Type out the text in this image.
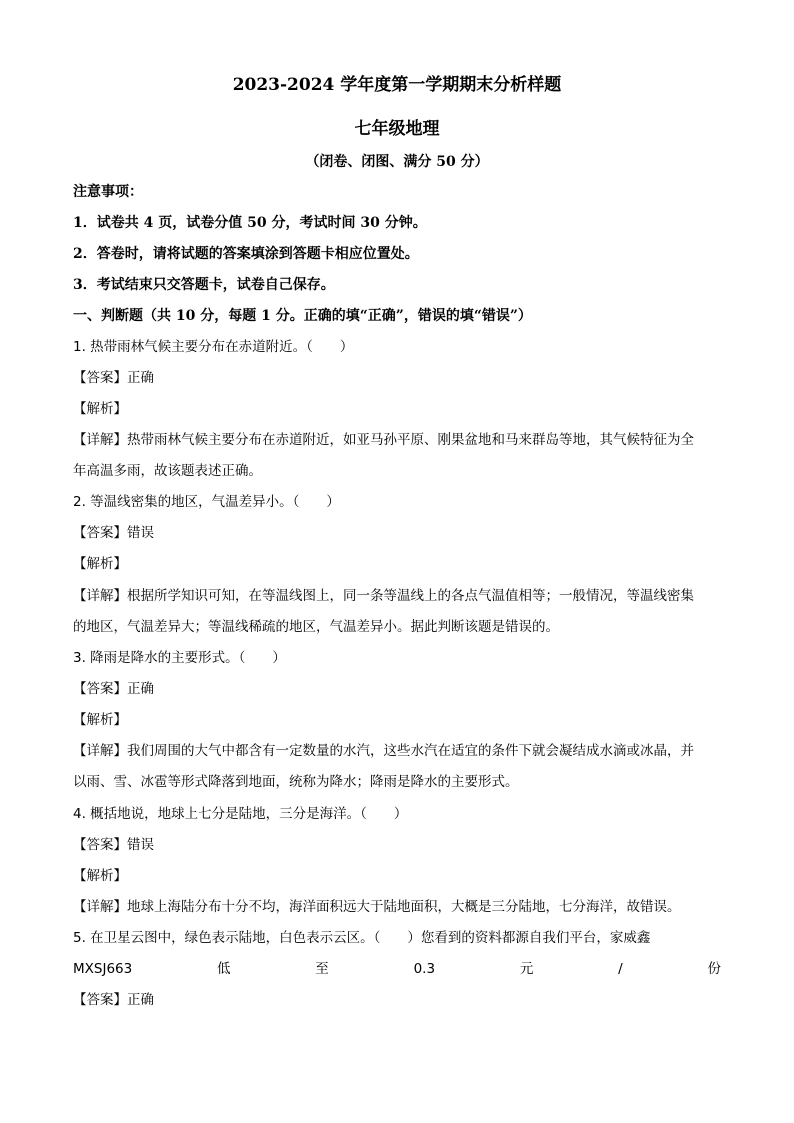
2023-2024 学年度第一学期期末分析样题
七年级地理
（闭卷、闭图、满分 50 分）
注意事项：
1．试卷共 4 页，试卷分值 50 分，考试时间 30 分钟。
2．答卷时，请将试题的答案填涂到答题卡相应位置处。
3．考试结束只交答题卡，试卷自己保存。
一、判断题（共 10 分，每题 1 分。正确的填“正确”，错误的填“错误”）
1. 热带雨林气候主要分布在赤道附近。（　　）
【答案】正确
【解析】
【详解】热带雨林气候主要分布在赤道附近，如亚马孙平原、刚果盆地和马来群岛等地，其气候特征为全
年高温多雨，故该题表述正确。
2. 等温线密集的地区，气温差异小。（　　）
【答案】错误
【解析】
【详解】根据所学知识可知，在等温线图上，同一条等温线上的各点气温值相等；一般情况，等温线密集
的地区，气温差异大；等温线稀疏的地区，气温差异小。据此判断该题是错误的。
3. 降雨是降水的主要形式。（　　）
【答案】正确
【解析】
【详解】我们周围的大气中都含有一定数量的水汽，这些水汽在适宜的条件下就会凝结成水滴或冰晶，并
以雨、雪、冰雹等形式降落到地面，统称为降水；降雨是降水的主要形式。
4. 概括地说，地球上七分是陆地，三分是海洋。（　　）
【答案】错误
【解析】
【详解】地球上海陆分布十分不均，海洋面积远大于陆地面积，大概是三分陆地，七分海洋，故错误。
5. 在卫星云图中，绿色表示陆地，白色表示云区。（　　）您看到的资料都源自我们平台，家威鑫
MXSJ663	低	至	0.3	元	/	份
【答案】正确
